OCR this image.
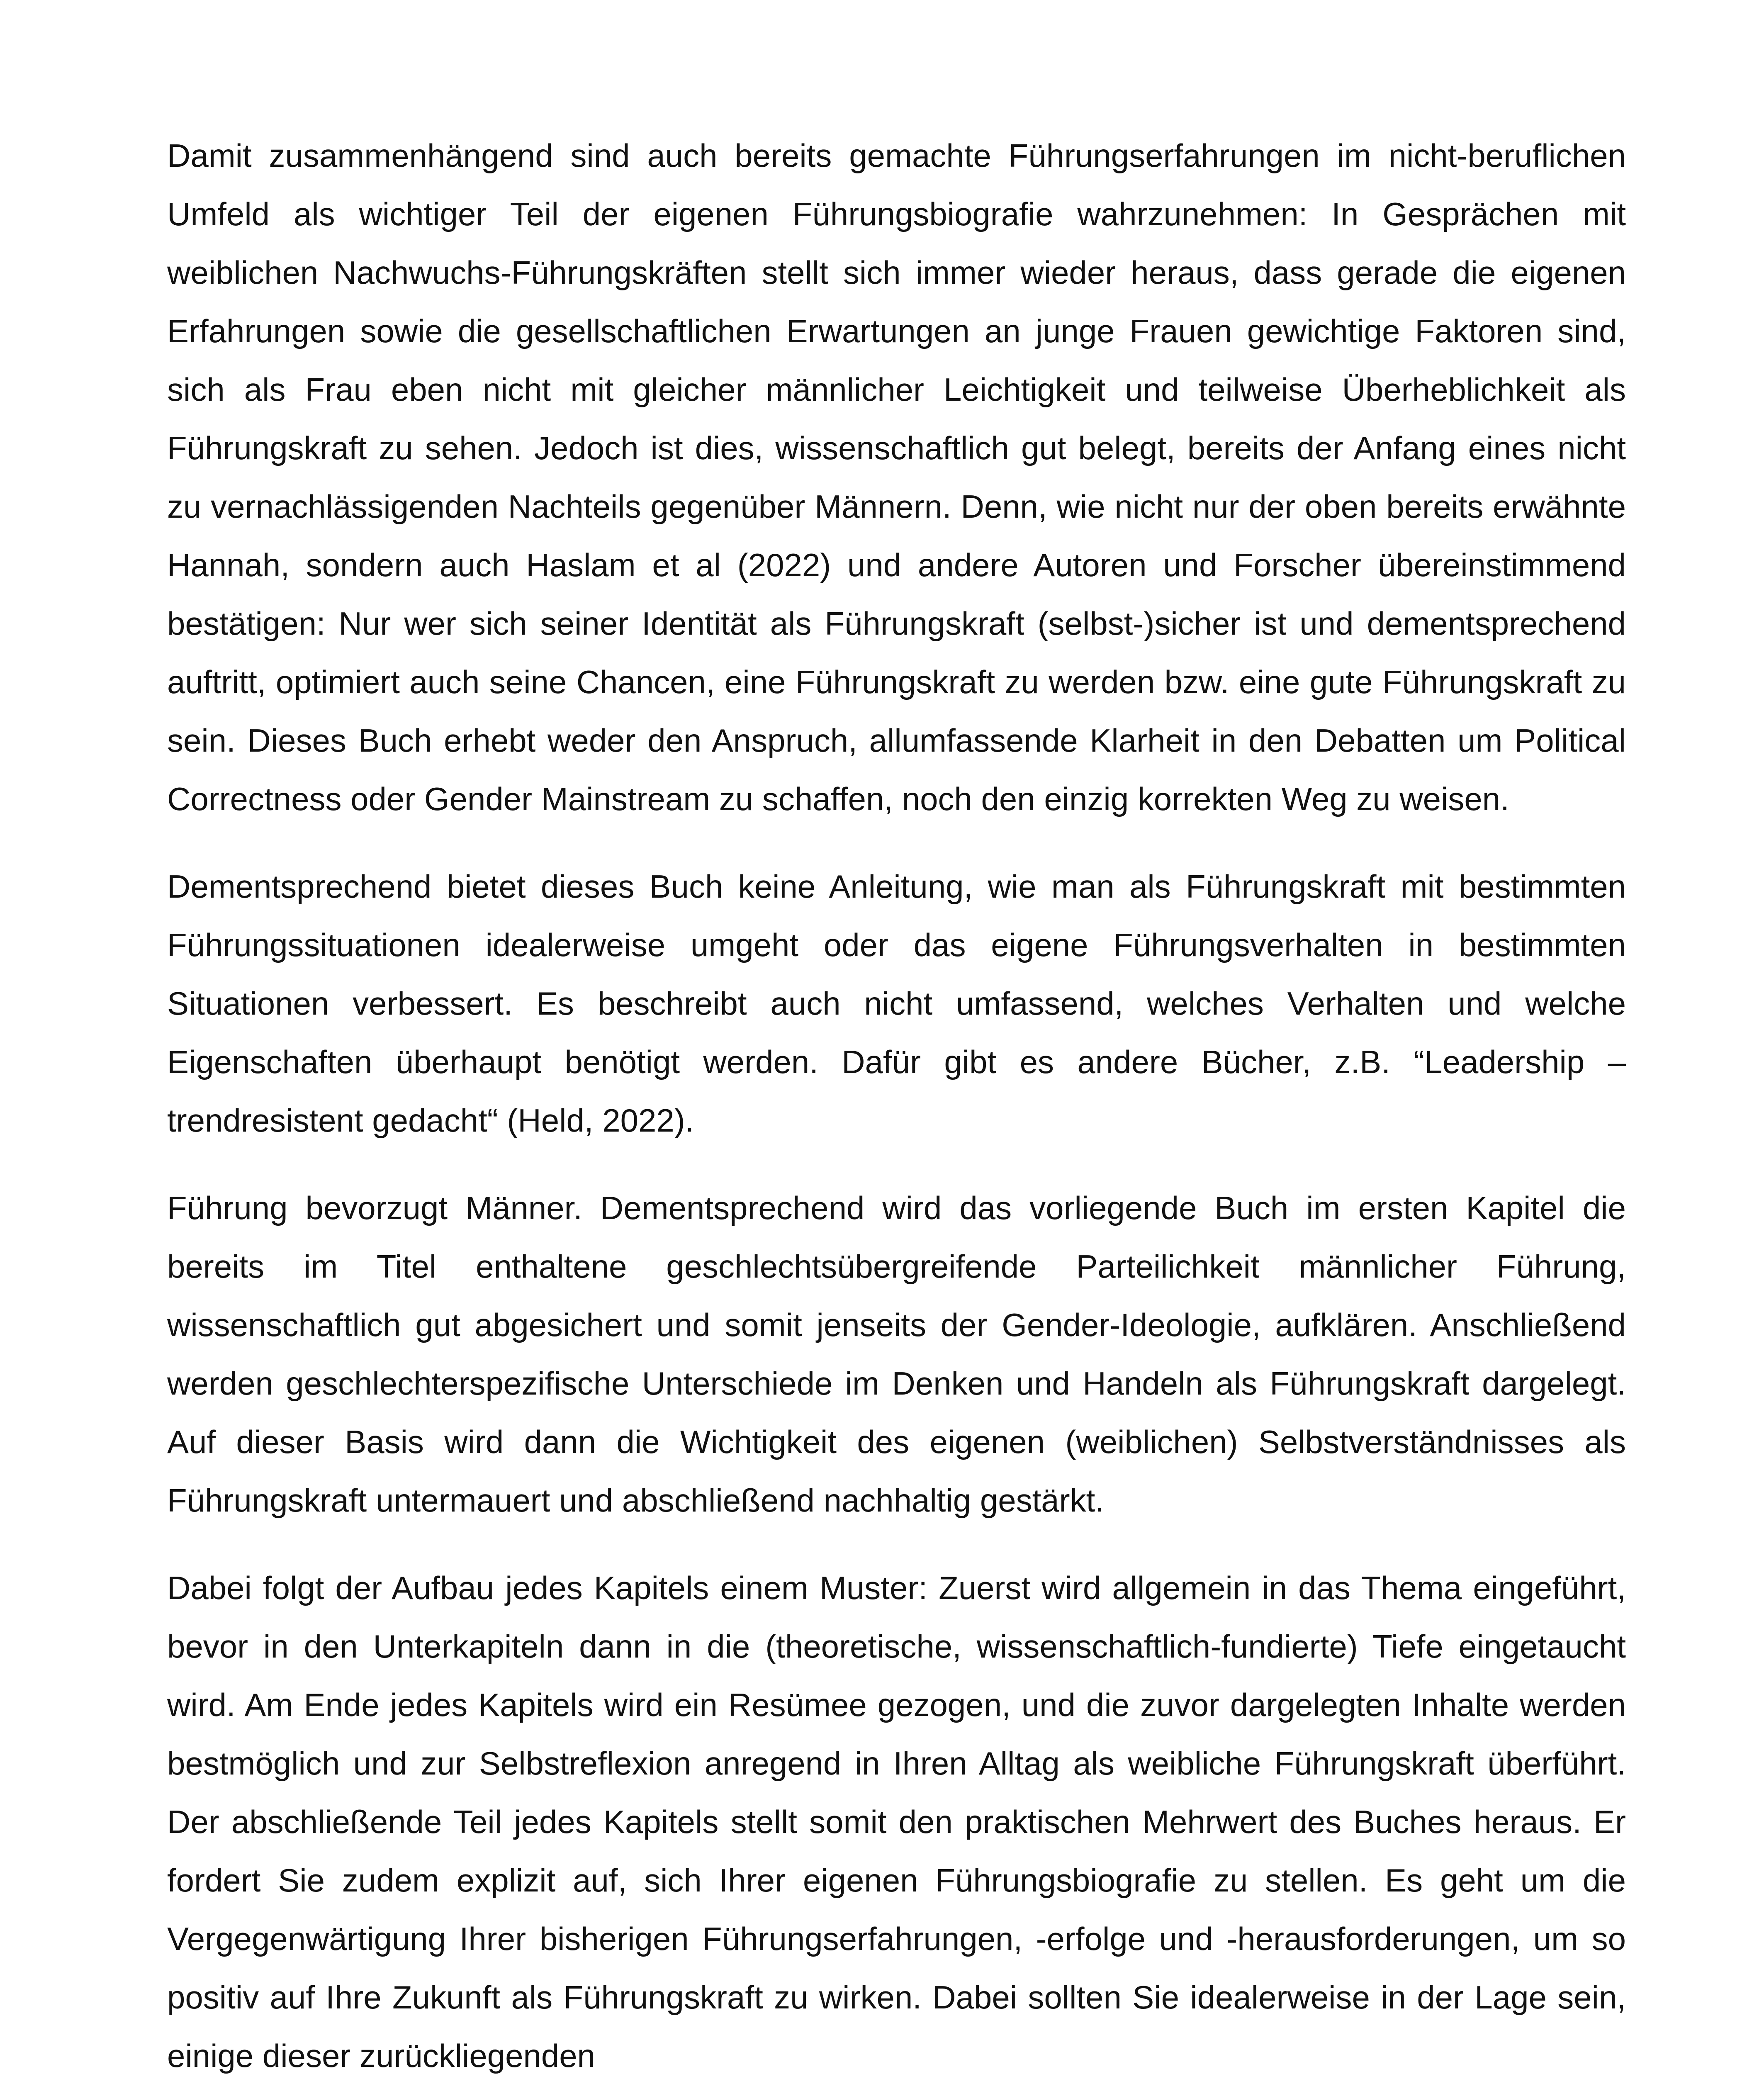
Damit zusammenhängend sind auch bereits gemachte Führungserfahrungen im nicht-beruflichen Umfeld als wichtiger Teil der eigenen Führungsbiografie wahrzunehmen: In Gesprächen mit weiblichen Nachwuchs-Führungskräften stellt sich immer wieder heraus, dass gerade die eigenen Erfahrungen sowie die gesellschaftlichen Erwartungen an junge Frauen gewichtige Faktoren sind, sich als Frau eben nicht mit gleicher männlicher Leichtigkeit und teilweise Überheblichkeit als Führungskraft zu sehen. Jedoch ist dies, wissenschaftlich gut belegt, bereits der Anfang eines nicht zu vernachlässigenden Nachteils gegenüber Männern. Denn, wie nicht nur der oben bereits erwähnte Hannah, sondern auch Haslam et al (2022) und andere Autoren und Forscher übereinstimmend bestätigen: Nur wer sich seiner Identität als Führungskraft (selbst-)sicher ist und dementsprechend auftritt, optimiert auch seine Chancen, eine Führungskraft zu werden bzw. eine gute Führungskraft zu sein. Dieses Buch erhebt weder den Anspruch, allumfassende Klarheit in den Debatten um Political Correctness oder Gender Mainstream zu schaffen, noch den einzig korrekten Weg zu weisen.

Dementsprechend bietet dieses Buch keine Anleitung, wie man als Führungskraft mit bestimmten Führungssituationen idealerweise umgeht oder das eigene Führungsverhalten in bestimmten Situationen verbessert. Es beschreibt auch nicht umfassend, welches Verhalten und welche Eigenschaften überhaupt benötigt werden. Dafür gibt es andere Bücher, z.B. “Leadership – trendresistent gedacht“ (Held, 2022).

Führung bevorzugt Männer. Dementsprechend wird das vorliegende Buch im ersten Kapitel die bereits im Titel enthaltene geschlechtsübergreifende Parteilichkeit männlicher Führung, wissenschaftlich gut abgesichert und somit jenseits der Gender-Ideologie, aufklären. Anschließend werden geschlechterspezifische Unterschiede im Denken und Handeln als Führungskraft dargelegt. Auf dieser Basis wird dann die Wichtigkeit des eigenen (weiblichen) Selbstverständnisses als Führungskraft untermauert und abschließend nachhaltig gestärkt.

Dabei folgt der Aufbau jedes Kapitels einem Muster: Zuerst wird allgemein in das Thema eingeführt, bevor in den Unterkapiteln dann in die (theoretische, wissenschaftlich-fundierte) Tiefe eingetaucht wird. Am Ende jedes Kapitels wird ein Resümee gezogen, und die zuvor dargelegten Inhalte werden bestmöglich und zur Selbstreflexion anregend in Ihren Alltag als weibliche Führungskraft überführt. Der abschließende Teil jedes Kapitels stellt somit den praktischen Mehrwert des Buches heraus. Er fordert Sie zudem explizit auf, sich Ihrer eigenen Führungsbiografie zu stellen. Es geht um die Vergegenwärtigung Ihrer bisherigen Führungserfahrungen, -erfolge und -herausforderungen, um so positiv auf Ihre Zukunft als Führungskraft zu wirken. Dabei sollten Sie idealerweise in der Lage sein, einige dieser zurückliegenden
